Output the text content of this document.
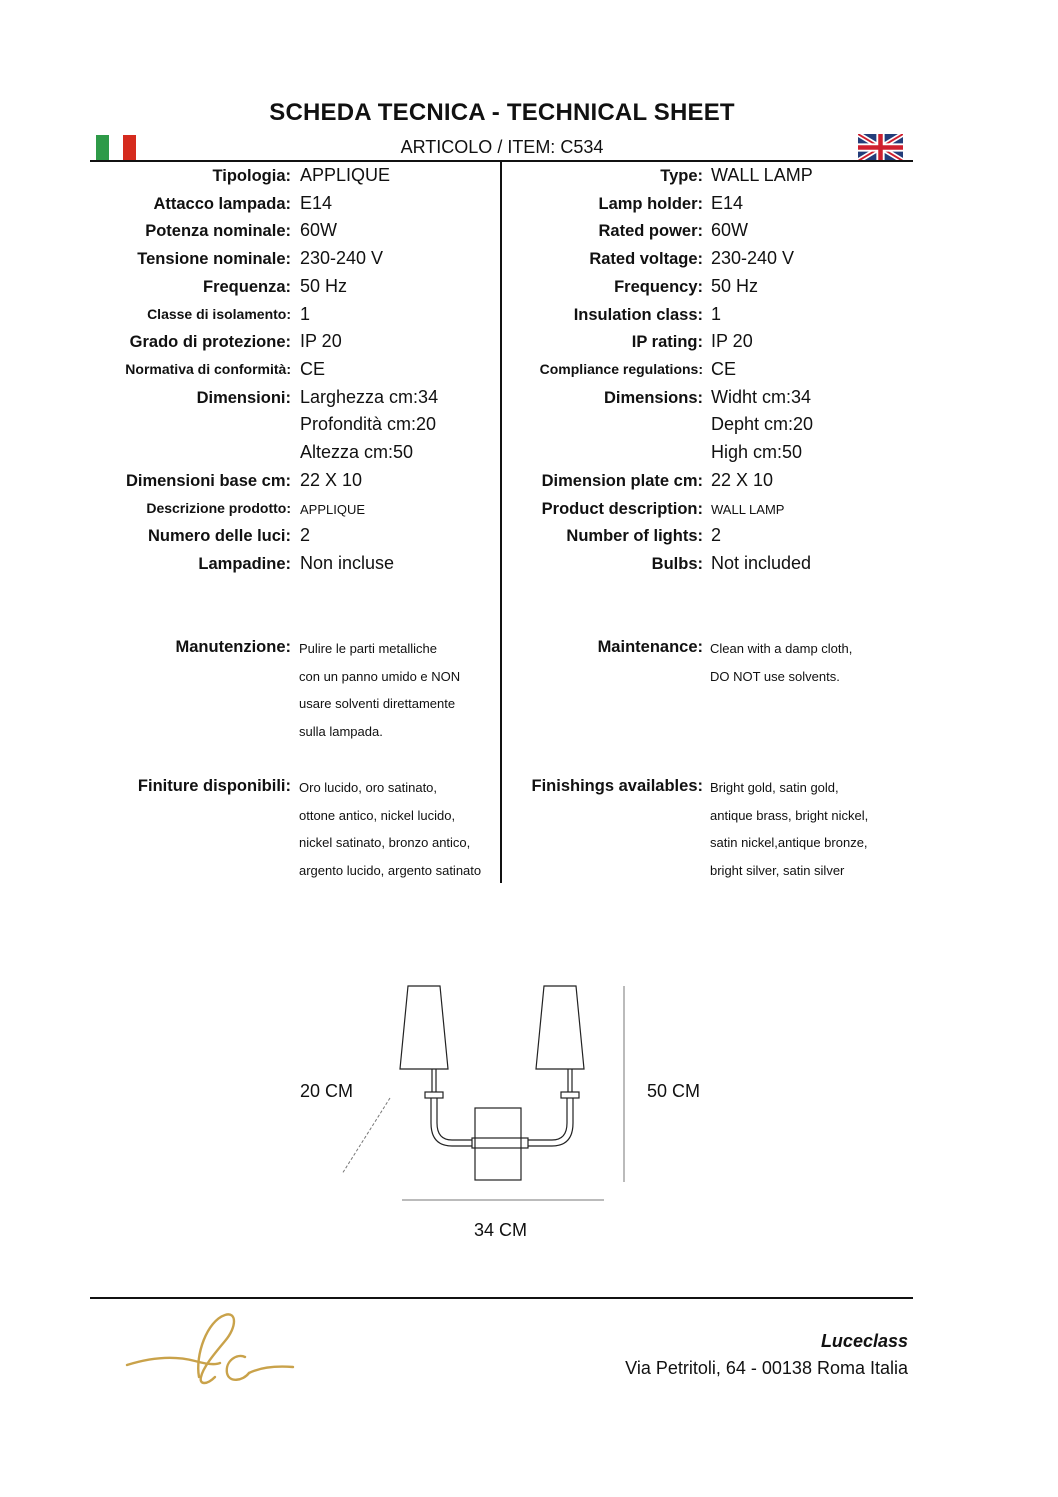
SCHEDA TECNICA - TECHNICAL SHEET
ARTICOLO / ITEM: C534
Tipologia: APPLIQUE
Attacco lampada: E14
Potenza nominale: 60W
Tensione nominale: 230-240 V
Frequenza: 50 Hz
Classe di isolamento: 1
Grado di protezione: IP 20
Normativa di conformità: CE
Dimensioni: Larghezza cm:34
Profondità cm:20
Altezza cm:50
Dimensioni base cm: 22 X 10
Descrizione prodotto: APPLIQUE
Numero delle luci: 2
Lampadine: Non incluse
Type: WALL LAMP
Lamp holder: E14
Rated power: 60W
Rated voltage: 230-240 V
Frequency: 50 Hz
Insulation class: 1
IP rating: IP 20
Compliance regulations: CE
Dimensions: Widht cm:34
Depht cm:20
High cm:50
Dimension plate cm: 22 X 10
Product description: WALL LAMP
Number of lights: 2
Bulbs: Not included
Manutenzione: Pulire le parti metalliche
con un panno umido e NON
usare solventi direttamente
sulla lampada.
Maintenance: Clean with a damp cloth,
DO NOT use solvents.
Finiture disponibili: Oro lucido, oro satinato,
ottone antico, nickel lucido,
nickel satinato, bronzo antico,
argento lucido, argento satinato
Finishings availables: Bright gold, satin gold,
antique brass, bright nickel,
satin nickel,antique bronze,
bright silver, satin silver
20 CM	50 CM
34 CM
Luceclass
Via Petritoli, 64 - 00138 Roma Italia
